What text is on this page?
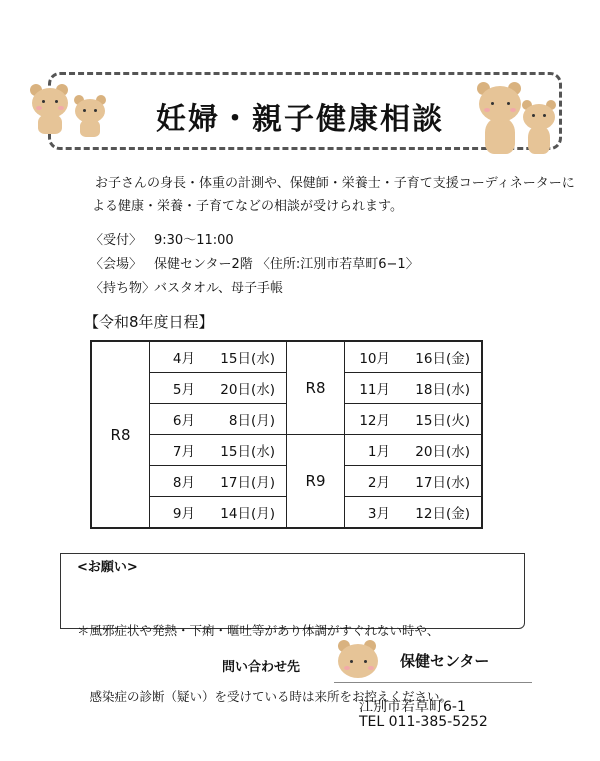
妊婦・親子健康相談
お子さんの身長・体重の計測や、保健師・栄養士・子育て支援コーディネーターに
よる健康・栄養・子育てなどの相談が受けられます。
〈受付〉 9:30～11:00
〈会場〉 保健センター2階 〈住所:江別市若草町6−1〉
〈持ち物〉バスタオル、母子手帳
【令和8年度日程】
R8	4月 15日(水)	R8	10月 16日(金)
	5月 20日(水)		11月 18日(水)
	6月 8日(月)		12月 15日(火)
	7月 15日(水)	R9	1月 20日(水)
	8月 17日(月)		2月 17日(水)
	9月 14日(月)		3月 12日(金)
<お願い>

＊風邪症状や発熱・下痢・嘔吐等があり体調がすぐれない時や、

　感染症の診断（疑い）を受けている時は来所をお控えください。

問い合わせ先	保健センター
江別市若草町6-1
TEL 011-385-5252
